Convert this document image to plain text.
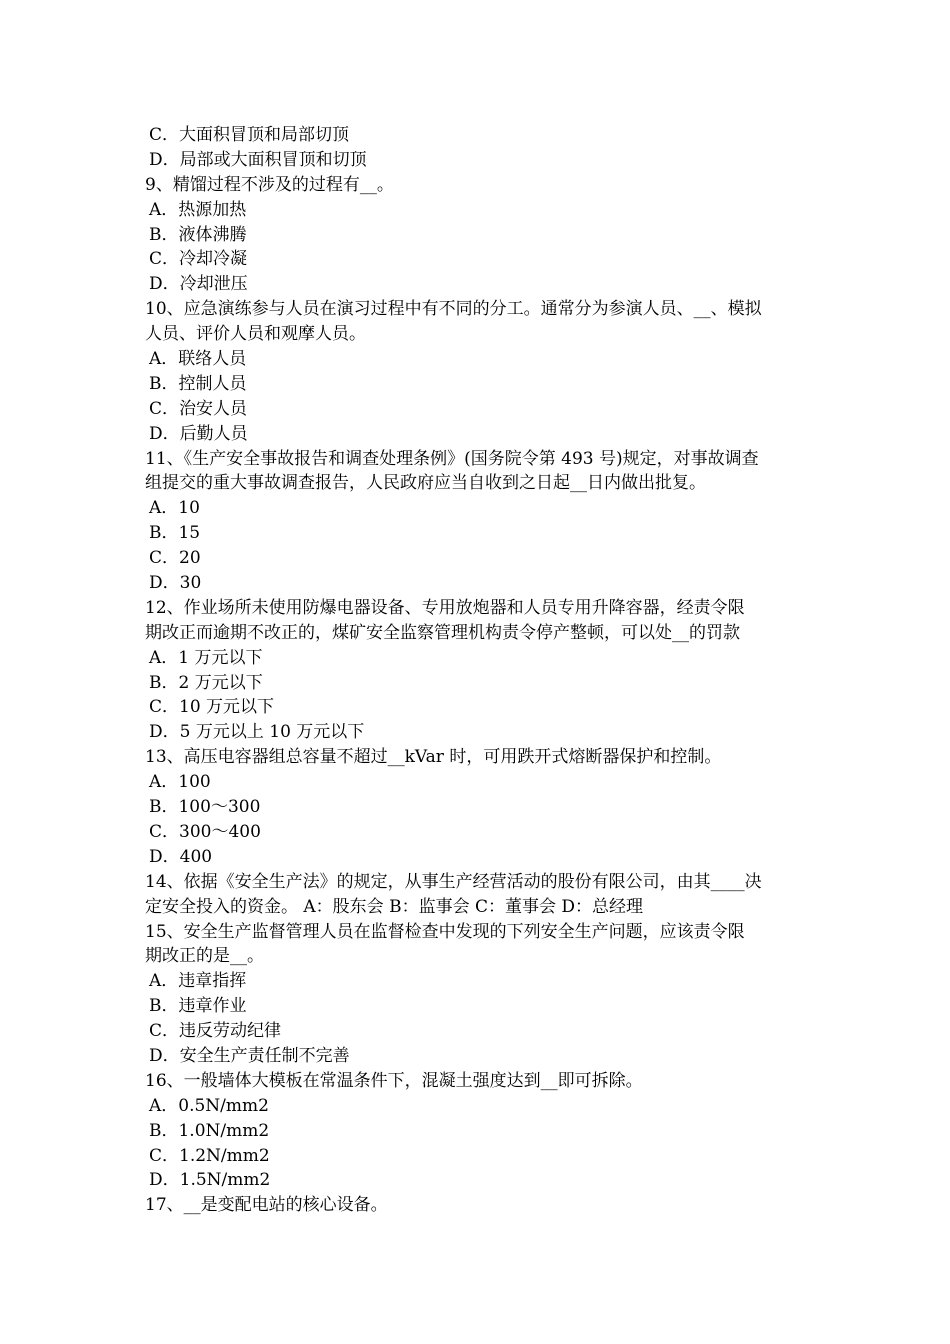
C．大面积冒顶和局部切顶
D．局部或大面积冒顶和切顶
9、精馏过程不涉及的过程有__。
A．热源加热
B．液体沸腾
C．冷却冷凝
D．冷却泄压
10、应急演练参与人员在演习过程中有不同的分工。通常分为参演人员、__、模拟
人员、评价人员和观摩人员。
A．联络人员
B．控制人员
C．治安人员
D．后勤人员
11、《生产安全事故报告和调查处理条例》(国务院令第 493 号)规定，对事故调查
组提交的重大事故调查报告，人民政府应当自收到之日起__日内做出批复。
A．10
B．15
C．20
D．30
12、作业场所未使用防爆电器设备、专用放炮器和人员专用升降容器，经责令限
期改正而逾期不改正的，煤矿安全监察管理机构责令停产整顿，可以处__的罚款
A．1 万元以下
B．2 万元以下
C．10 万元以下
D．5 万元以上 10 万元以下
13、高压电容器组总容量不超过__kVar 时，可用跌开式熔断器保护和控制。
A．100
B．100～300
C．300～400
D．400
14、依据《安全生产法》的规定，从事生产经营活动的股份有限公司，由其____决
定安全投入的资金。 A：股东会 B：监事会 C：董事会 D：总经理
15、安全生产监督管理人员在监督检查中发现的下列安全生产问题，应该责令限
期改正的是__。
A．违章指挥
B．违章作业
C．违反劳动纪律
D．安全生产责任制不完善
16、一般墙体大模板在常温条件下，混凝土强度达到__即可拆除。
A．0.5N/mm2
B．1.0N/mm2
C．1.2N/mm2
D．1.5N/mm2
17、__是变配电站的核心设备。
